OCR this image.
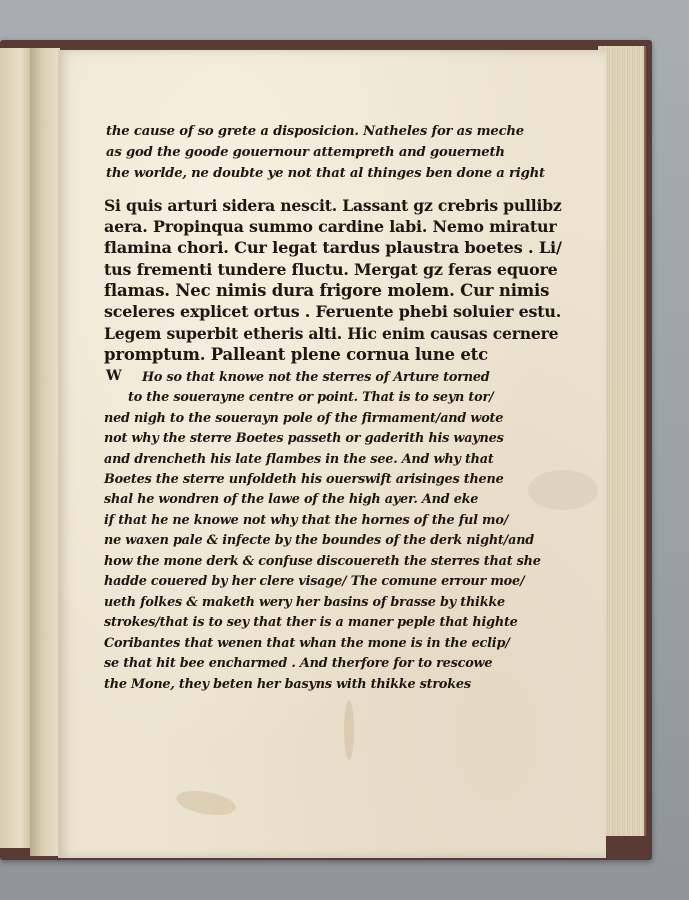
the cause of so grete a disposicion. Natheles for as meche
as god the goode gouernour attempreth and gouerneth
the worlde, ne doubte ye not that al thinges ben done a right
Si quis arturi sidera nescit. Lassant gz crebris pullibz
aera. Propinqua summo cardine labi. Nemo miratur
flamina chori. Cur legat tardus plaustra boetes . Li/
tus frementi tundere fluctu. Mergat gz feras equore
flamas. Nec nimis dura frigore molem. Cur nimis
sceleres explicet ortus . Feruente phebi soluier estu.
Legem superbit etheris alti. Hic enim causas cernere
promptum. Palleant plene cornua lune etc
W Ho so that knowe not the sterres of Arture torned
to the souerayne centre or point. That is to seyn tor/
ned nigh to the souerayn pole of the firmament/and wote
not why the sterre Boetes passeth or gaderith his waynes
and drencheth his late flambes in the see. And why that
Boetes the sterre unfoldeth his ouerswift arisinges thene
shal he wondren of the lawe of the high ayer. And eke
if that he ne knowe not why that the hornes of the ful mo/
ne waxen pale & infecte by the boundes of the derk night/and
how the mone derk & confuse discouereth the sterres that she
hadde couered by her clere visage/ The comune errour moe/
ueth folkes & maketh wery her basins of brasse by thikke
strokes/that is to sey that ther is a maner peple that highte
Coribantes that wenen that whan the mone is in the eclip/
se that hit bee encharmed . And therfore for to rescowe
the Mone, they beten her basyns with thikke strokes
